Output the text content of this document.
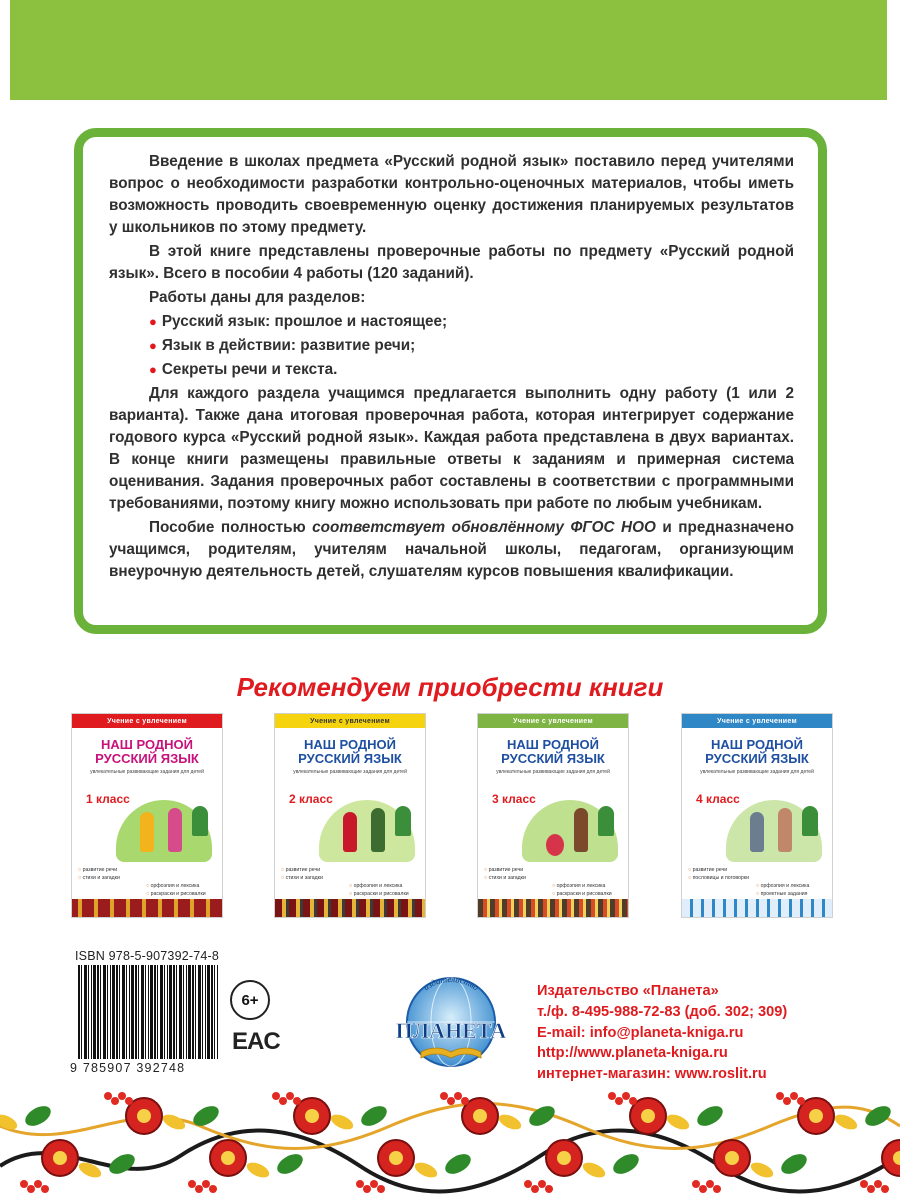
Введение в школах предмета «Русский родной язык» поставило перед учителями вопрос о необходимости разработки контрольно-оценочных материалов, чтобы иметь возможность проводить своевременную оценку достижения планируемых результатов у школьников по этому предмету.

В этой книге представлены проверочные работы по предмету «Русский родной язык». Всего в пособии 4 работы (120 заданий).

Работы даны для разделов:

● Русский язык: прошлое и настоящее;

● Язык в действии: развитие речи;

● Секреты речи и текста.

Для каждого раздела учащимся предлагается выполнить одну работу (1 или 2 варианта). Также дана итоговая проверочная работа, которая интегрирует содержание годового курса «Русский родной язык». Каждая работа представлена в двух вариантах. В конце книги размещены правильные ответы к заданиям и примерная система оценивания. Задания проверочных работ составлены в соответствии с программными требованиями, поэтому книгу можно использовать при работе по любым учебникам.

Пособие полностью соответствует обновлённому ФГОС НОО и предназначено учащимся, родителям, учителям начальной школы, педагогам, организующим внеурочную деятельность детей, слушателям курсов повышения квалификации.

Рекомендуем приобрести книги
Учение с увлечением
НАШ РОДНОЙ
РУССКИЙ ЯЗЫК
увлекательные развивающие задания для детей
1 класс
○ развитие речи
○ стихи и загадки
○ орфоэпия и лексика
○ раскраски и рисовалки
Учение с увлечением
НАШ РОДНОЙ
РУССКИЙ ЯЗЫК
увлекательные развивающие задания для детей
2 класс
○ развитие речи
○ стихи и загадки
○ орфоэпия и лексика
○ раскраски и рисовалки
Учение с увлечением
НАШ РОДНОЙ
РУССКИЙ ЯЗЫК
увлекательные развивающие задания для детей
3 класс
○ развитие речи
○ стихи и загадки
○ орфоэпия и лексика
○ раскраски и рисовалки
Учение с увлечением
НАШ РОДНОЙ
РУССКИЙ ЯЗЫК
увлекательные развивающие задания для детей
4 класс
○ развитие речи
○ пословицы и поговорки
○ орфоэпия и лексика
○ проектные задания
ISBN 978-5-907392-74-8
9 785907 392748
6+
EAC
издательство
ПЛАНЕТА
Издательство «Планета»
т./ф. 8-495-988-72-83 (доб. 302; 309)
E-mail: info@planeta-kniga.ru
http://www.planeta-kniga.ru
интернет-магазин: www.roslit.ru
